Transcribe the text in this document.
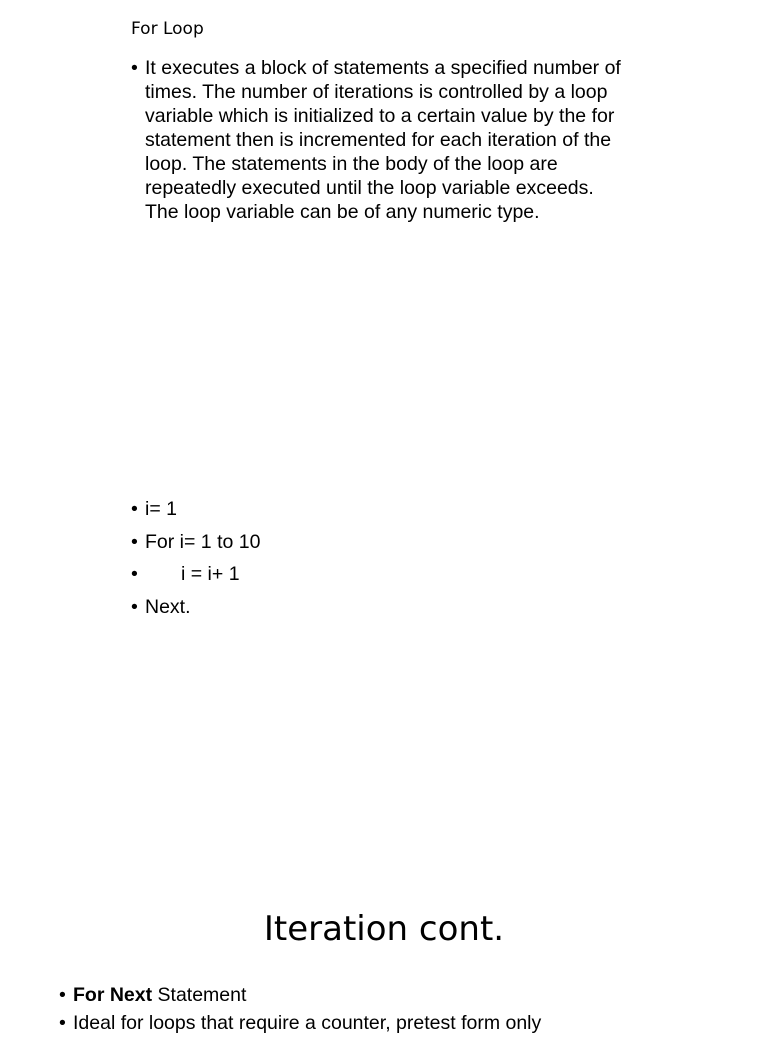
For Loop
• It executes a block of statements a specified number of times. The number of iterations is controlled by a loop variable which is initialized to a certain value by the for statement then is incremented for each iteration of the loop. The statements in the body of the loop are repeatedly executed until the loop variable exceeds. The loop variable can be of any numeric type.
• i= 1
• For i= 1 to 10
• i = i+ 1
• Next.
Iteration cont.
• For Next Statement
• Ideal for loops that require a counter, pretest form only
